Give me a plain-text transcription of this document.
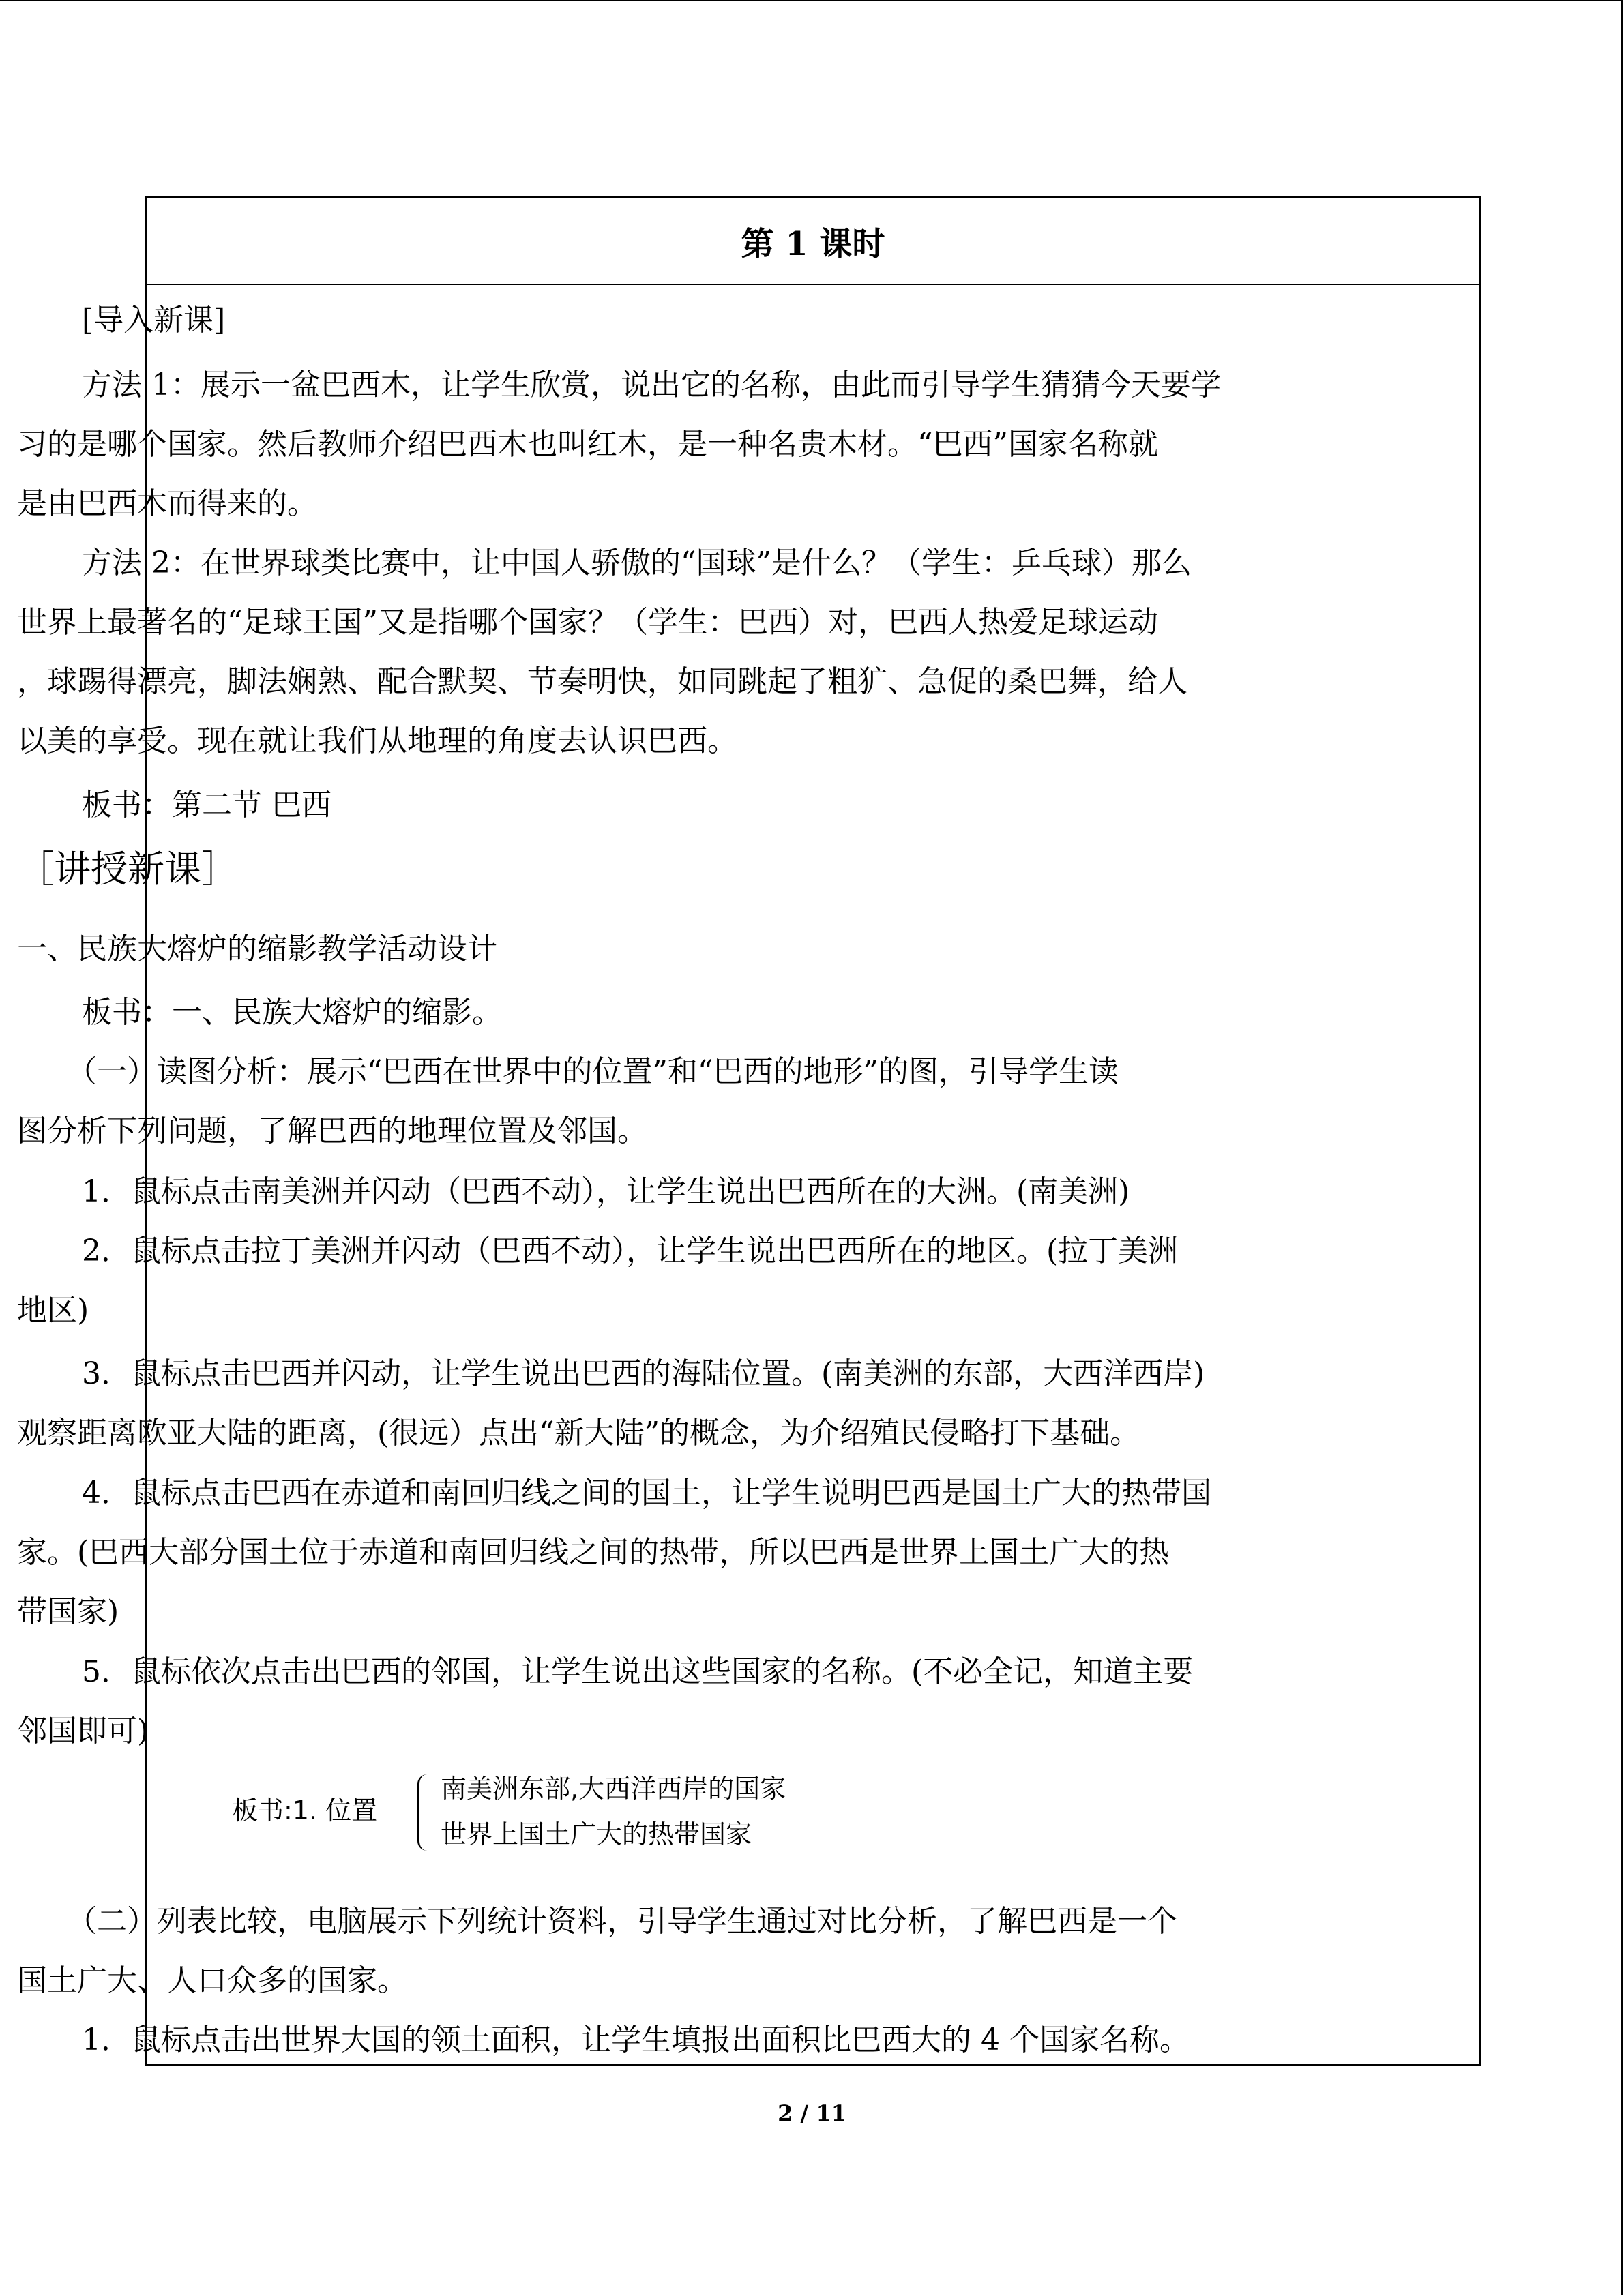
第 1 课时
[导入新课]
方法 1：展示一盆巴西木，让学生欣赏，说出它的名称，由此而引导学生猜猜今天要学
习的是哪个国家。然后教师介绍巴西木也叫红木，是一种名贵木材。“巴西”国家名称就
是由巴西木而得来的。
方法 2：在世界球类比赛中，让中国人骄傲的“国球”是什么？（学生：乒乓球）那么
世界上最著名的“足球王国”又是指哪个国家？（学生：巴西）对，巴西人热爱足球运动
，球踢得漂亮，脚法娴熟、配合默契、节奏明快，如同跳起了粗犷、急促的桑巴舞，给人
以美的享受。现在就让我们从地理的角度去认识巴西。
板书：第二节 巴西
［讲授新课］
一、民族大熔炉的缩影教学活动设计
板书：一、民族大熔炉的缩影。
（一）读图分析：展示“巴西在世界中的位置”和“巴西的地形”的图，引导学生读
图分析下列问题，了解巴西的地理位置及邻国。
1．鼠标点击南美洲并闪动（巴西不动），让学生说出巴西所在的大洲。(南美洲)
2．鼠标点击拉丁美洲并闪动（巴西不动），让学生说出巴西所在的地区。(拉丁美洲
地区)
3．鼠标点击巴西并闪动，让学生说出巴西的海陆位置。(南美洲的东部，大西洋西岸)
观察距离欧亚大陆的距离，(很远）点出“新大陆”的概念，为介绍殖民侵略打下基础。
4．鼠标点击巴西在赤道和南回归线之间的国土，让学生说明巴西是国土广大的热带国
家。(巴西大部分国土位于赤道和南回归线之间的热带，所以巴西是世界上国土广大的热
带国家)
5．鼠标依次点击出巴西的邻国，让学生说出这些国家的名称。(不必全记，知道主要
邻国即可)
板书:1. 位置
南美洲东部,大西洋西岸的国家
世界上国土广大的热带国家
（二）列表比较，电脑展示下列统计资料，引导学生通过对比分析，了解巴西是一个
国土广大、人口众多的国家。
1．鼠标点击出世界大国的领土面积，让学生填报出面积比巴西大的 4 个国家名称。
2 / 11
